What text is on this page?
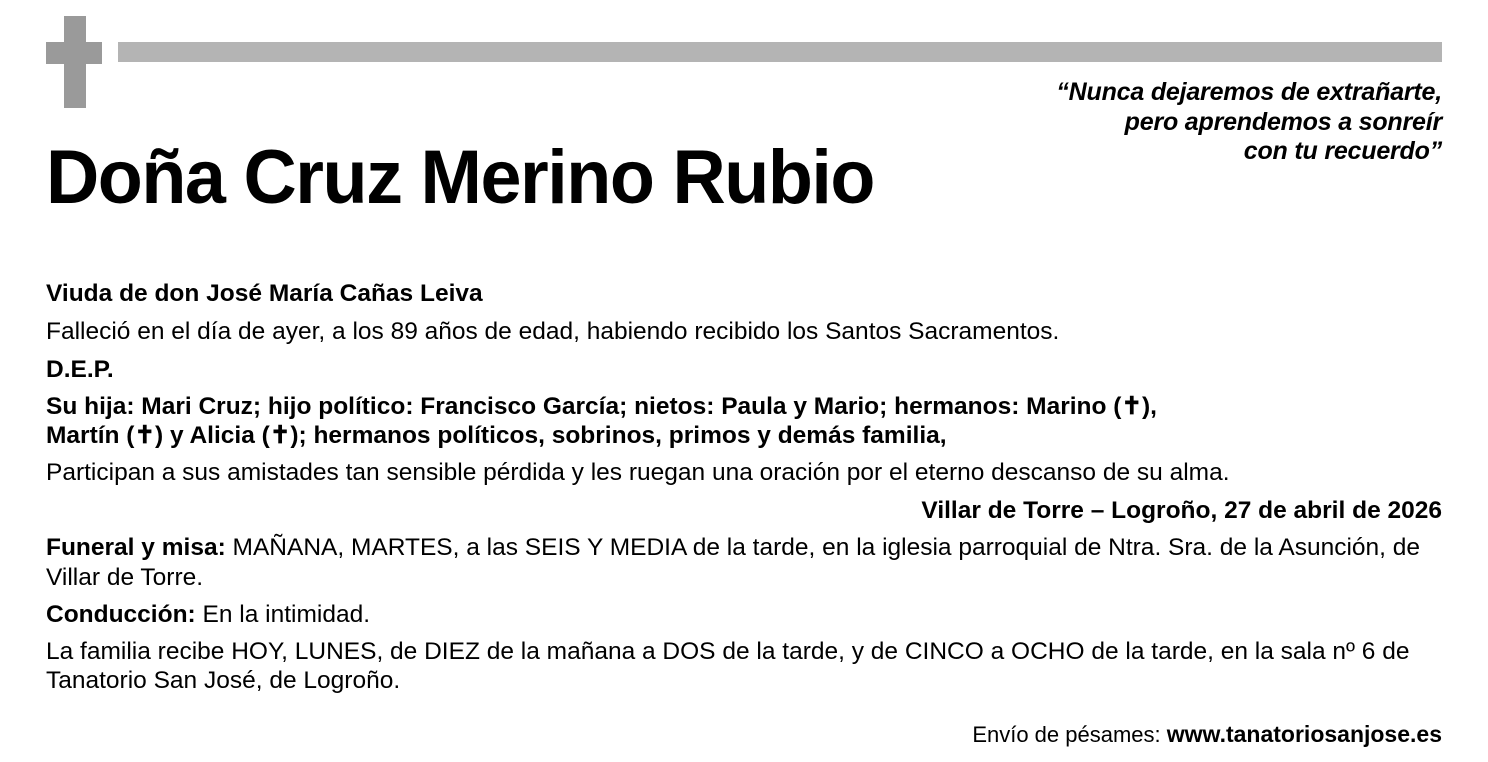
“Nunca dejaremos de extrañarte,
pero aprendemos a sonreír
con tu recuerdo”
Doña Cruz Merino Rubio

Viuda de don José María Cañas Leiva

Falleció en el día de ayer, a los 89 años de edad, habiendo recibido los Santos Sacramentos.

D.E.P.

Su hija: Mari Cruz; hijo político: Francisco García; nietos: Paula y Mario; hermanos: Marino (✝),
Martín (✝) y Alicia (✝); hermanos políticos, sobrinos, primos y demás familia,

Participan a sus amistades tan sensible pérdida y les ruegan una oración por el eterno descanso de su alma.

Villar de Torre – Logroño, 27 de abril de 2026

Funeral y misa: MAÑANA, MARTES, a las SEIS Y MEDIA de la tarde, en la iglesia parroquial de Ntra. Sra. de la Asunción, de Villar de Torre.

Conducción: En la intimidad.

La familia recibe HOY, LUNES, de DIEZ de la mañana a DOS de la tarde, y de CINCO a OCHO de la tarde, en la sala nº 6 de Tanatorio San José, de Logroño.

Envío de pésames: www.tanatoriosanjose.es
